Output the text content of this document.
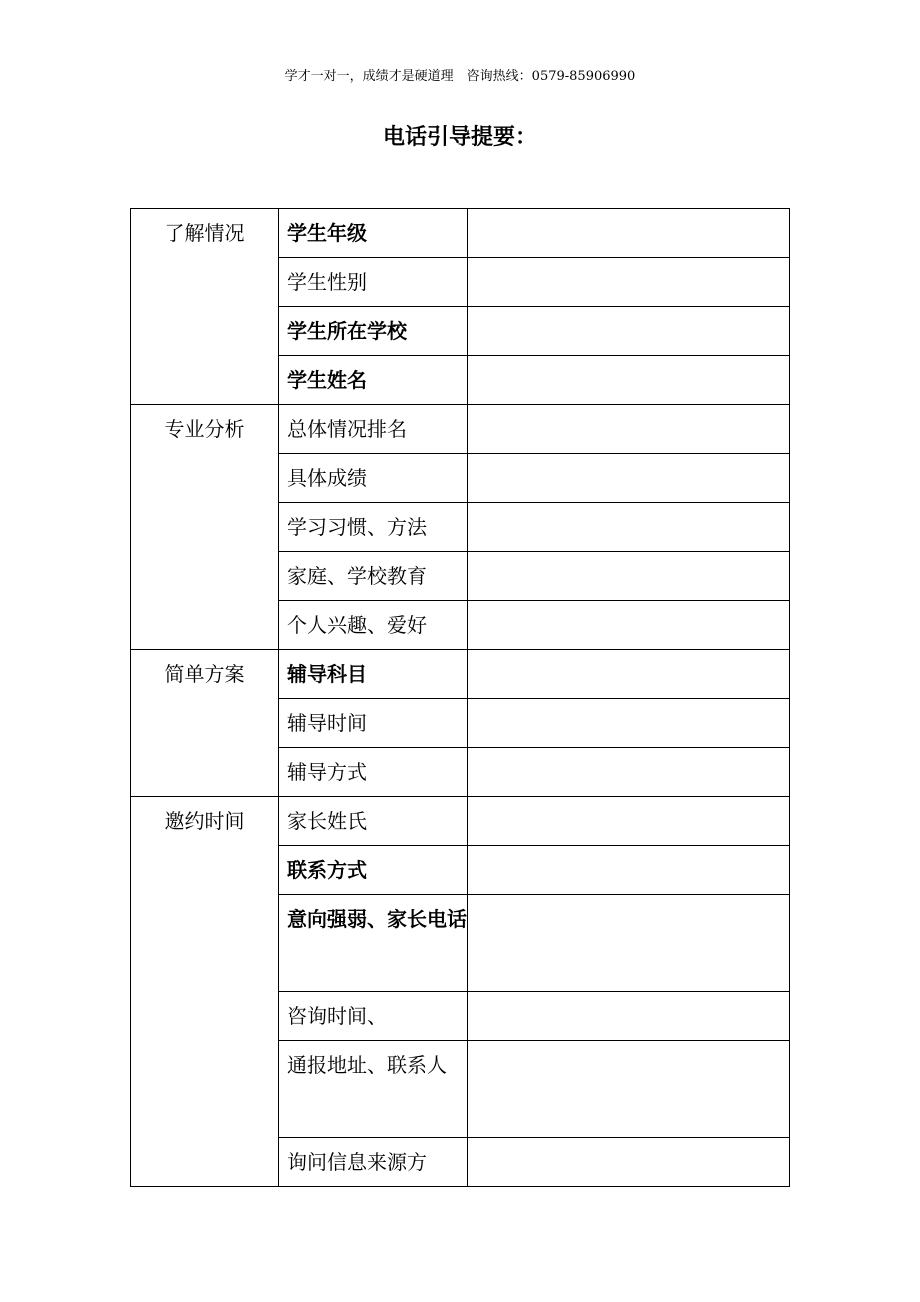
学才一对一，成绩才是硬道理　咨询热线：0579-85906990
电话引导提要：
了解情况	学生年级	
	学生性别	
	学生所在学校	
	学生姓名	
专业分析	总体情况排名	
	具体成绩	
	学习习惯、方法	
	家庭、学校教育	
	个人兴趣、爱好	
简单方案	辅导科目	
	辅导时间	
	辅导方式	
邀约时间	家长姓氏	
	联系方式	
	意向强弱、家长电话	
	咨询时间、	
	通报地址、联系人	
	询问信息来源方	
